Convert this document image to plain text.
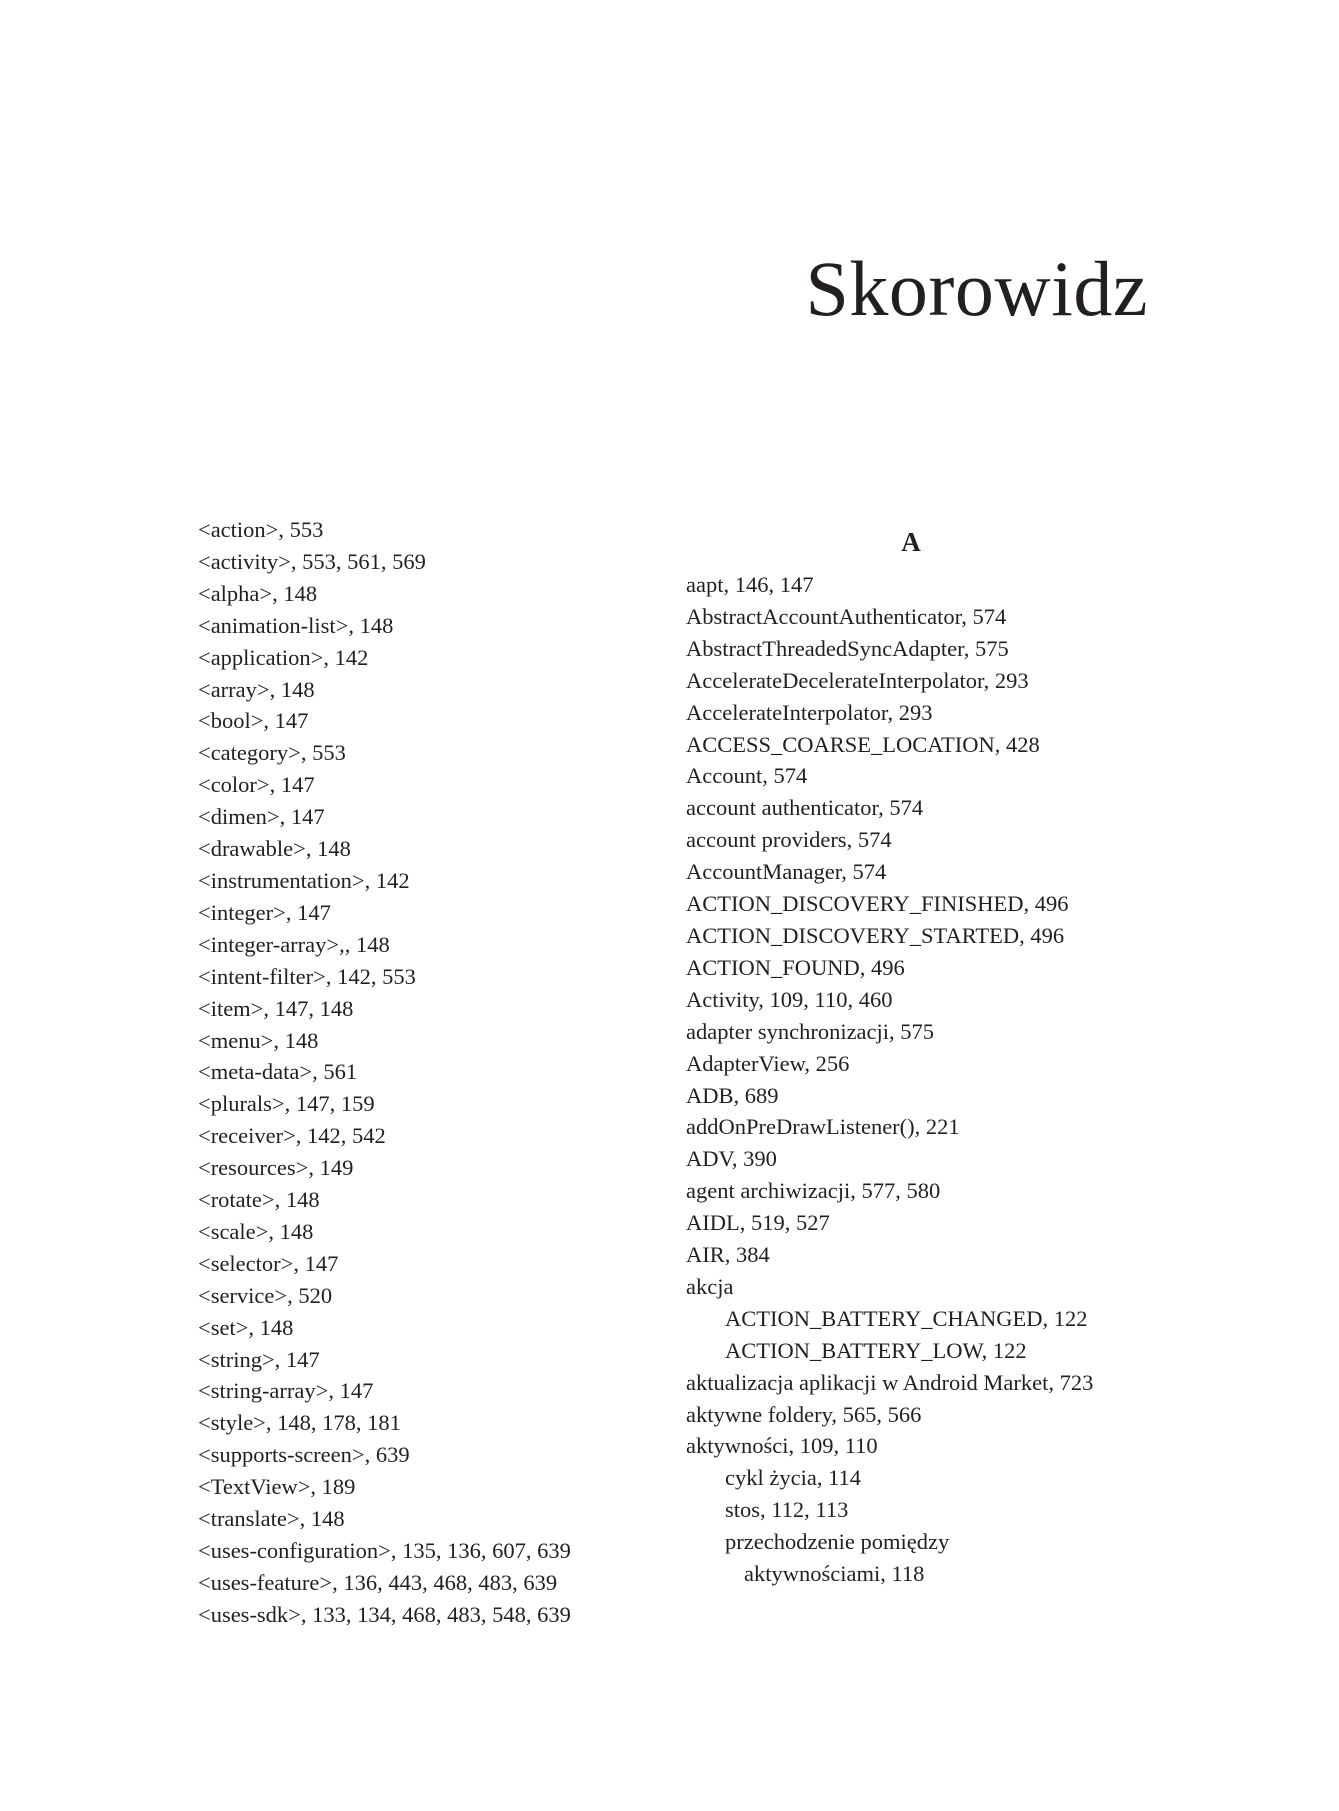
Skorowidz
<action>, 553
<activity>, 553, 561, 569
<alpha>, 148
<animation-list>, 148
<application>, 142
<array>, 148
<bool>, 147
<category>, 553
<color>, 147
<dimen>, 147
<drawable>, 148
<instrumentation>, 142
<integer>, 147
<integer-array>,, 148
<intent-filter>, 142, 553
<item>, 147, 148
<menu>, 148
<meta-data>, 561
<plurals>, 147, 159
<receiver>, 142, 542
<resources>, 149
<rotate>, 148
<scale>, 148
<selector>, 147
<service>, 520
<set>, 148
<string>, 147
<string-array>, 147
<style>, 148, 178, 181
<supports-screen>, 639
<TextView>, 189
<translate>, 148
<uses-configuration>, 135, 136, 607, 639
<uses-feature>, 136, 443, 468, 483, 639
<uses-sdk>, 133, 134, 468, 483, 548, 639
A
aapt, 146, 147
AbstractAccountAuthenticator, 574
AbstractThreadedSyncAdapter, 575
AccelerateDecelerateInterpolator, 293
AccelerateInterpolator, 293
ACCESS_COARSE_LOCATION, 428
Account, 574
account authenticator, 574
account providers, 574
AccountManager, 574
ACTION_DISCOVERY_FINISHED, 496
ACTION_DISCOVERY_STARTED, 496
ACTION_FOUND, 496
Activity, 109, 110, 460
adapter synchronizacji, 575
AdapterView, 256
ADB, 689
addOnPreDrawListener(), 221
ADV, 390
agent archiwizacji, 577, 580
AIDL, 519, 527
AIR, 384
akcja
ACTION_BATTERY_CHANGED, 122
ACTION_BATTERY_LOW, 122
aktualizacja aplikacji w Android Market, 723
aktywne foldery, 565, 566
aktywności, 109, 110
cykl życia, 114
stos, 112, 113
przechodzenie pomiędzy
aktywnościami, 118
